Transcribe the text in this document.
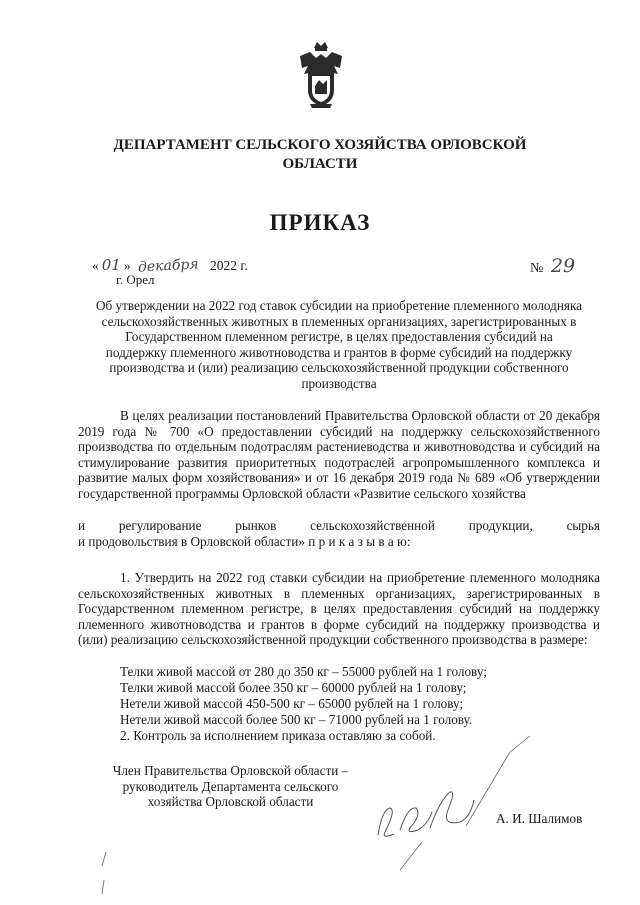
ДЕПАРТАМЕНТ СЕЛЬСКОГО ХОЗЯЙСТВА ОРЛОВСКОЙ
ОБЛАСТИ
ПРИКАЗ
« 01 » декабря 2022 г.
г. Орел
№ 29
Об утверждении на 2022 год ставок субсидии на приобретение племенного молодняка
сельскохозяйственных животных в племенных организациях, зарегистрированных в
Государственном племенном регистре, в целях предоставления субсидий на
поддержку племенного животноводства и грантов в форме субсидий на поддержку
производства и (или) реализацию сельскохозяйственной продукции собственного
производства
В целях реализации постановлений Правительства Орловской области от 20 декабря 2019 года № 700 «О предоставлении субсидий на поддержку сельскохозяйственного производства по отдельным подотраслям растениеводства и животноводства и субсидий на стимулирование развития приоритетных подотраслей агропромышленного комплекса и развитие малых форм хозяйствования» и от 16 декабря 2019 года № 689 «Об утверждении государственной программы Орловской области «Развитие сельского хозяйства
и	регулирование	рынков	сельскохозяйственной	продукции,	сырья
и продовольствия в Орловской области» п р и к а з ы в а ю:
1. Утвердить на 2022 год ставки субсидии на приобретение племенного молодняка сельскохозяйственных животных в племенных организациях, зарегистрированных в Государственном племенном регистре, в целях предоставления субсидий на поддержку племенного животноводства и грантов в форме субсидий на поддержку производства и (или) реализацию сельскохозяйственной продукции собственного производства в размере:
Телки живой массой от 280 до 350 кг – 55000 рублей на 1 голову;
Телки живой массой более 350 кг – 60000 рублей на 1 голову;
Нетели живой массой 450-500 кг – 65000 рублей на 1 голову;
Нетели живой массой более 500 кг – 71000 рублей на 1 голову.
2. Контроль за исполнением приказа оставляю за собой.
Член Правительства Орловской области –
руководитель Департамента сельского
хозяйства Орловской области
А. И. Шалимов
